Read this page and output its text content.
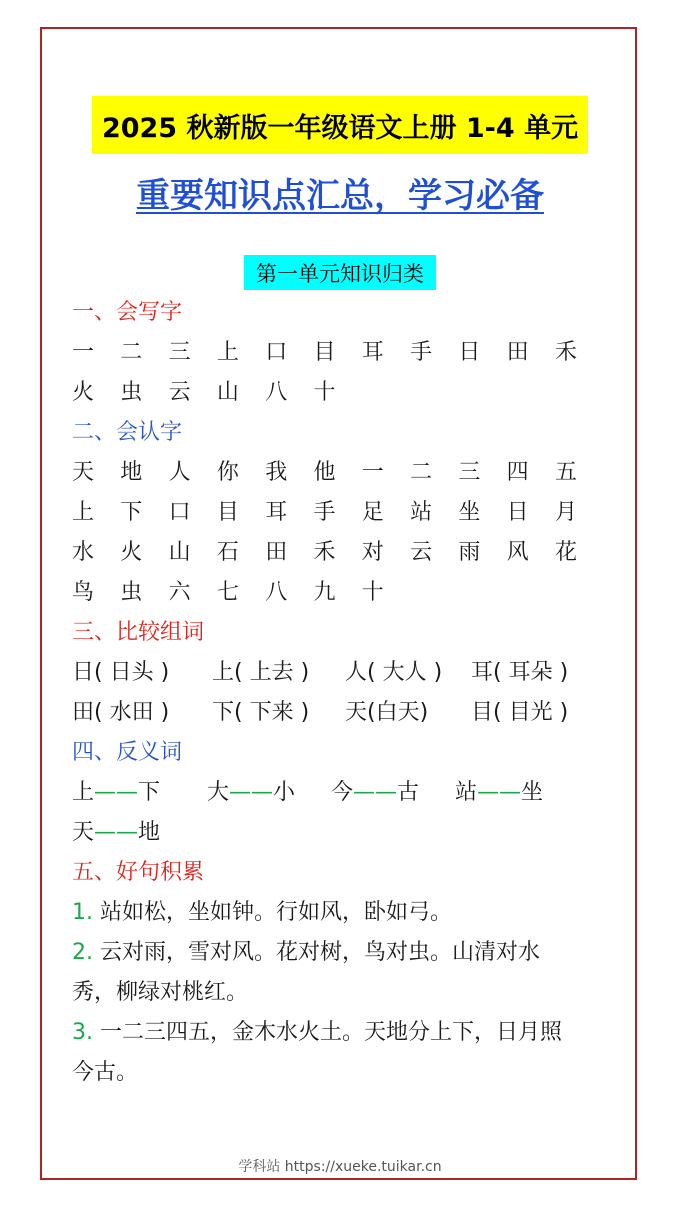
2025 秋新版一年级语文上册 1-4 单元
重要知识点汇总，学习必备
第一单元知识归类
一、会写字
一 二 三 上 口 目 耳 手 日 田 禾
火 虫 云 山 八 十
二、会认字
天 地 人 你 我 他 一 二 三 四 五
上 下 口 目 耳 手 足 站 坐 日 月
水 火 山 石 田 禾 对 云 雨 风 花
鸟 虫 六 七 八 九 十
三、比较组词
日( 日头 ) 上( 上去 ) 人( 大人 ) 耳( 耳朵 )
田( 水田 ) 下( 下来 ) 天(白天) 目( 目光 )
四、反义词
上——下 大——小 今——古 站——坐
天——地
五、好句积累
1. 站如松，坐如钟。行如风，卧如弓。
2. 云对雨，雪对风。花对树，鸟对虫。山清对水
秀，柳绿对桃红。
3. 一二三四五，金木水火土。天地分上下，日月照
今古。
学科站 https://xueke.tuikar.cn
